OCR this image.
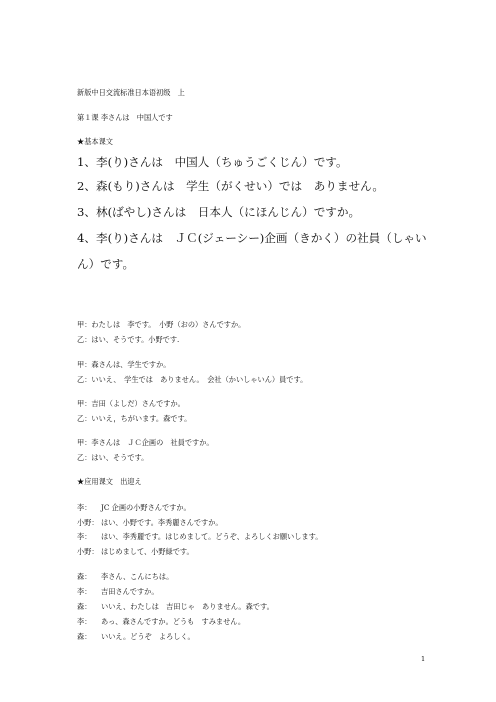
新版中日交流标准日本语初级　上
第１课 李さんは　中国人です
★基本课文
1、李(り)さんは　中国人（ちゅうごくじん）です。
2、森(もり)さんは　学生（がくせい）では　ありません。
3、林(ばやし)さんは　日本人（にほんじん）ですか。
4、李(り)さんは　ＪＣ(ジェーシー)企画（きかく）の社員（しゃい
ん）です。
甲：わたしは　李です。　小野（おの）さんですか。
乙：はい、そうです。小野です.
甲：森さんは、学生ですか。
乙：いいえ、　学生では　ありません。　会社（かいしゃいん）員です。
甲：吉田（よしだ）さんですか。
乙：いいえ，ちがいます。森です。
甲：李さんは　ＪＣ企画の　社員ですか。
乙：はい、そうです。
★应用课文　出迎え
李： JC 企画の小野さんですか。
小野： はい、小野です。李秀麗さんですか。
李： はい、李秀麗です。はじめまして。どうぞ、よろしくお願いします。
小野： はじめまして、小野緑です。
森： 李さん、こんにちは。
李： 吉田さんですか。
森： いいえ、わたしは　吉田じゃ　ありません。森です。
李： あっ、森さんですか。どうも　すみません。
森： いいえ。どうぞ　よろしく。
1
